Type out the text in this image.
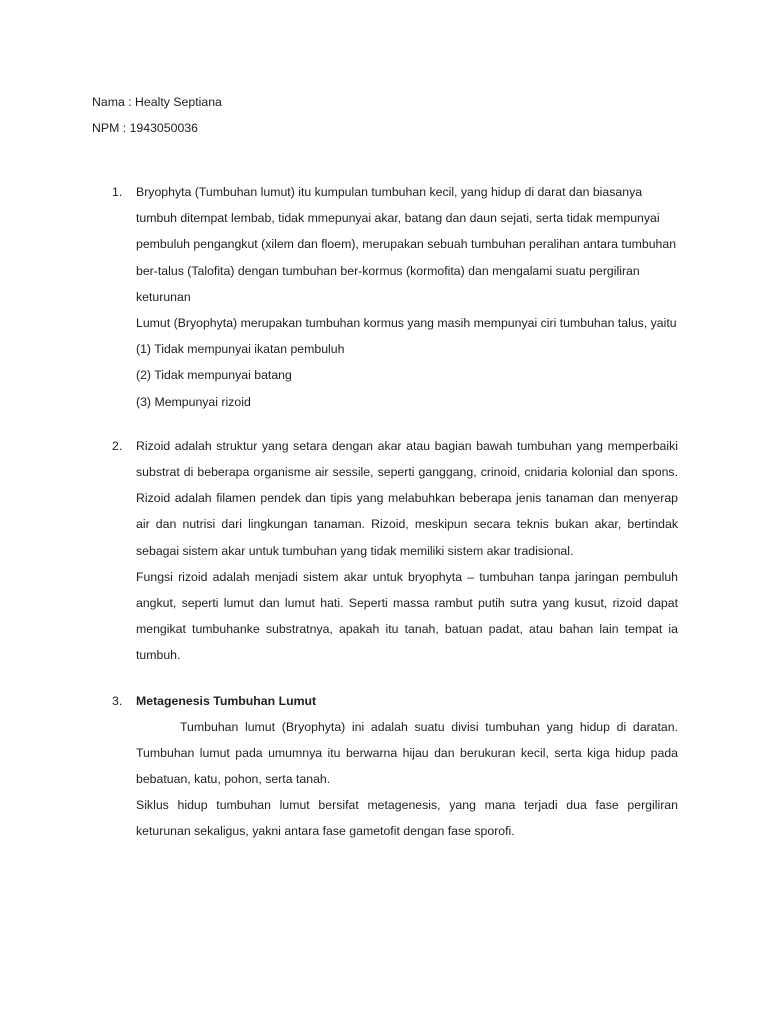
Nama : Healty Septiana
NPM : 1943050036
1. Bryophyta (Tumbuhan lumut) itu kumpulan tumbuhan kecil, yang hidup di darat dan biasanya tumbuh ditempat lembab, tidak mmepunyai akar, batang dan daun sejati, serta tidak mempunyai pembuluh pengangkut (xilem dan floem), merupakan sebuah tumbuhan peralihan antara tumbuhan ber-talus (Talofita) dengan tumbuhan ber-kormus (kormofita) dan mengalami suatu pergiliran keturunan

Lumut (Bryophyta) merupakan tumbuhan kormus yang masih mempunyai ciri tumbuhan talus, yaitu

(1) Tidak mempunyai ikatan pembuluh

(2) Tidak mempunyai batang

(3) Mempunyai rizoid

2. Rizoid adalah struktur yang setara dengan akar atau bagian bawah tumbuhan yang memperbaiki substrat di beberapa organisme air sessile, seperti ganggang, crinoid, cnidaria kolonial dan spons. Rizoid adalah filamen pendek dan tipis yang melabuhkan beberapa jenis tanaman dan menyerap air dan nutrisi dari lingkungan tanaman. Rizoid, meskipun secara teknis bukan akar, bertindak sebagai sistem akar untuk tumbuhan yang tidak memiliki sistem akar tradisional.

Fungsi rizoid adalah menjadi sistem akar untuk bryophyta – tumbuhan tanpa jaringan pembuluh angkut, seperti lumut dan lumut hati. Seperti massa rambut putih sutra yang kusut, rizoid dapat mengikat tumbuhanke substratnya, apakah itu tanah, batuan padat, atau bahan lain tempat ia tumbuh.

3. Metagenesis Tumbuhan Lumut

Tumbuhan lumut (Bryophyta) ini adalah suatu divisi tumbuhan yang hidup di daratan. Tumbuhan lumut pada umumnya itu berwarna hijau dan berukuran kecil, serta kiga hidup pada bebatuan, katu, pohon, serta tanah.

Siklus hidup tumbuhan lumut bersifat metagenesis, yang mana terjadi dua fase pergiliran keturunan sekaligus, yakni antara fase gametofit dengan fase sporofi.
